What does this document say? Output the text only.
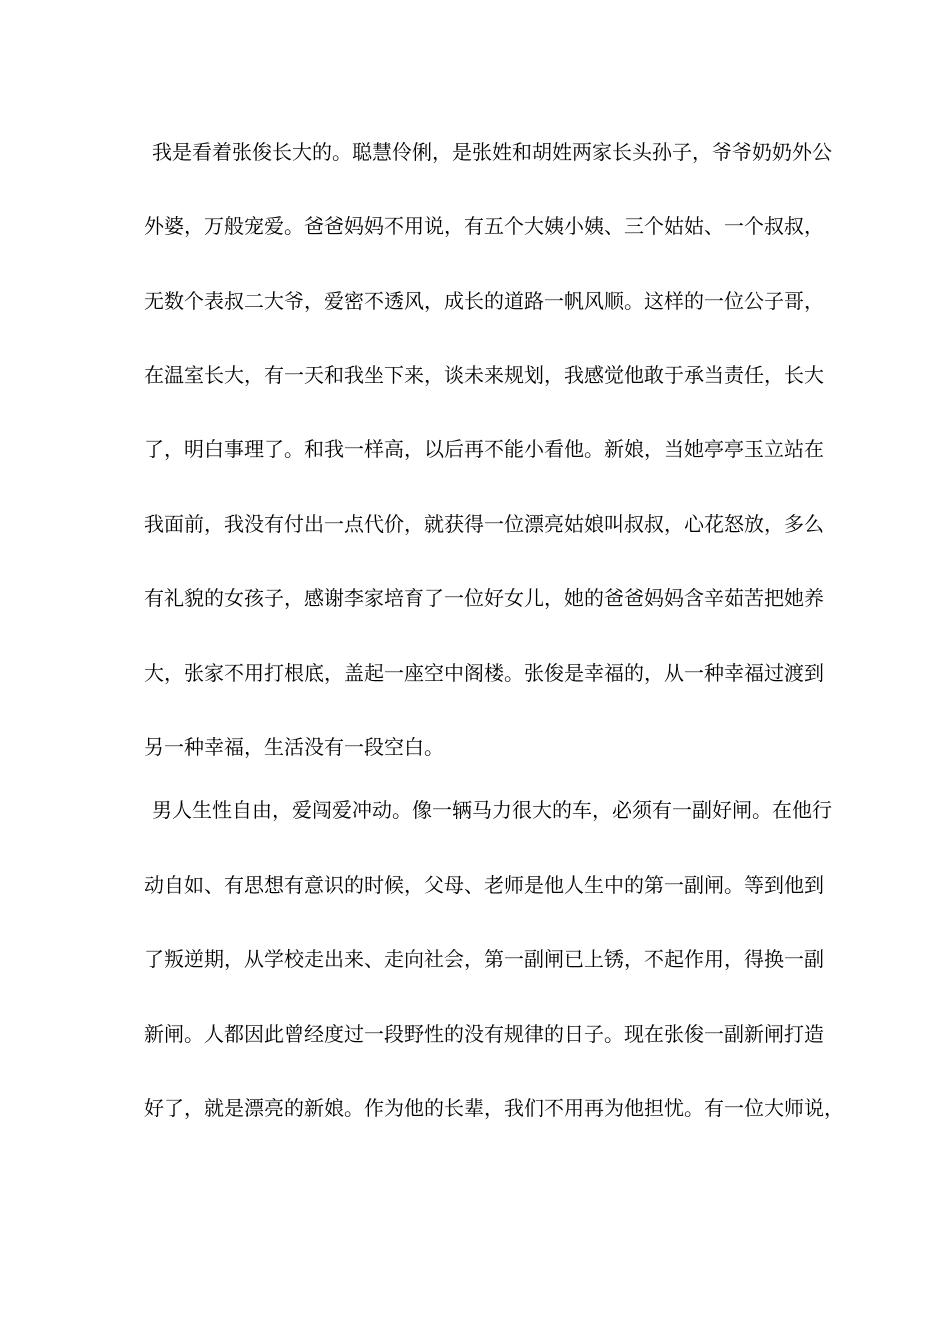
我是看着张俊长大的。聪慧伶俐，是张姓和胡姓两家长头孙子，爷爷奶奶外公
外婆，万般宠爱。爸爸妈妈不用说，有五个大姨小姨、三个姑姑、一个叔叔，
无数个表叔二大爷，爱密不透风，成长的道路一帆风顺。这样的一位公子哥，
在温室长大，有一天和我坐下来，谈未来规划，我感觉他敢于承当责任，长大
了，明白事理了。和我一样高，以后再不能小看他。新娘，当她亭亭玉立站在
我面前，我没有付出一点代价，就获得一位漂亮姑娘叫叔叔，心花怒放，多么
有礼貌的女孩子，感谢李家培育了一位好女儿，她的爸爸妈妈含辛茹苦把她养
大，张家不用打根底，盖起一座空中阁楼。张俊是幸福的，从一种幸福过渡到
另一种幸福，生活没有一段空白。
男人生性自由，爱闯爱冲动。像一辆马力很大的车，必须有一副好闸。在他行
动自如、有思想有意识的时候，父母、老师是他人生中的第一副闸。等到他到
了叛逆期，从学校走出来、走向社会，第一副闸已上锈，不起作用，得换一副
新闸。人都因此曾经度过一段野性的没有规律的日子。现在张俊一副新闸打造
好了，就是漂亮的新娘。作为他的长辈，我们不用再为他担忧。有一位大师说，
